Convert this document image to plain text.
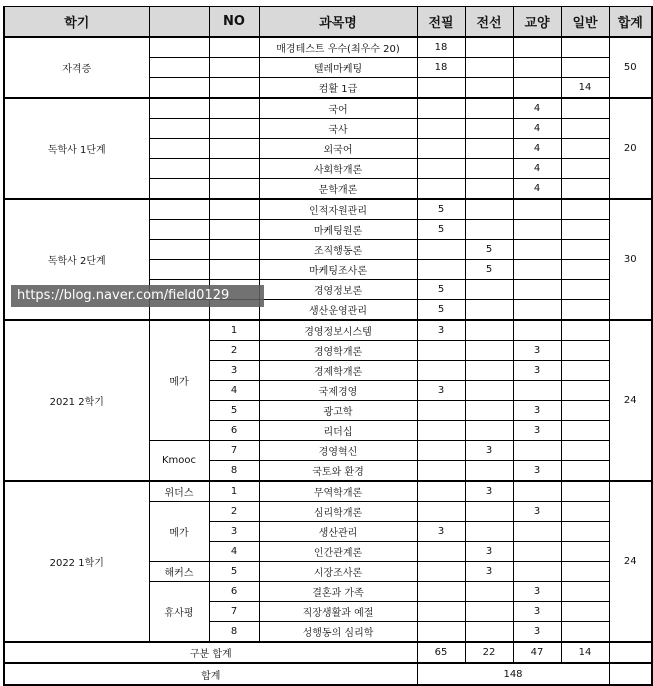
학기		NO	과목명	전필	전선	교양	일반	합계
자격증			매경테스트 우수(최우수 20)	18				50
			텔레마케팅	18				
			컴활 1급				14	
독학사 1단계			국어			4		20
			국사			4		
			외국어			4		
			사회학개론			4		
			문학개론			4		
독학사 2단계			인적자원관리	5				30
			마케팅원론	5				
			조직행동론		5			
			마케팅조사론		5			
			경영정보론	5				
			생산운영관리	5				
2021 2학기	메가	1	경영정보시스템	3				24
		2	경영학개론			3		
		3	경제학개론			3		
		4	국제경영	3				
		5	광고학			3		
		6	리더십			3		
	Kmooc	7	경영혁신		3			
		8	국토와 환경			3		
2022 1학기	위더스	1	무역학개론		3			24
	메가	2	심리학개론			3		
		3	생산관리	3				
		4	인간관계론		3			
	해커스	5	시장조사론		3			
	휴사평	6	결혼과 가족			3		
		7	직장생활과 예절			3		
		8	성행동의 심리학			3		
구분 합계				65	22	47	14	
합계				148				
https://blog.naver.com/field0129
